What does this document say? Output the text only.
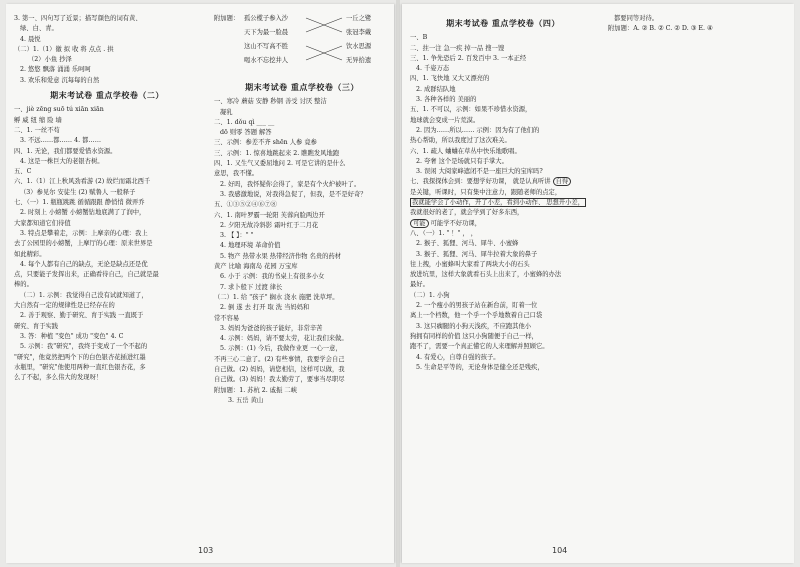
3. 第一、四句写了近景；描写颜色的词有黄、
绿、白、青。
4. 晨悦
（二）1.（1）徽 拟 收 将 点点 . 拱
（2）小鱼 抄泽
2. 悠悠 飘落 涌涌 乐呵呵
3. 欢乐和爱意 沉每每的自然
期末考试卷 重点学校卷（二）
一、jiè zēng suō tú xiān xiān
孵 威 纽 缩 险 墙
二、1. 一丝不苟
3. 不远……都…… 4. 都……
四、1. 无论，我们都要爱惜水资源。
4. 这是一株巨大的老银杏树。
五、C
六、1.（1）江上秋风劲看游 (2) 故烂而霜北西千
（3）参见尔 安徒生 (2) 赋鲁人 一般释子
七、（一）1. 瓶瓶跳跳 循循跟跟 静悄悄 微弄乔
2. 时刻上 小螃蟹 小螃蟹钻地底满了了润中，
大家都知道它们待值
3. 特点是攀着走，示例：上摩亲的心理：我上
去了公园里的小螃蟹，上摩厅的心理：原来世界是
如此精彩。
4. 每个人都有自己的缺点，无论是缺点还是优
点，只要能子发挥出来，正确看待自己，自己就是最
棒的。
（二）1. 示例：我觉得自己没有试就知道了，
大自然有一定的规律性是已经存在的
2. 善于观察、勤于研究、育于实践 一直既于
研究、育于实践
3. 答：种植 "变色" 成功 "变色" 4. C
5. 示例：我"研究"，我终于变成了一个不起的
"研究"，他竟然把两个下的白色银杏花插进红墨
水瓶里，"研究"他使用两种一直红色银杏花，多
么了不起，多么伟大的发现呀！
附加题： 孤公榄子参入沙
天下为最一脸晨
这山不写高不胜
喝水不忘挖井人
一丘之鹭
张冠李戴
饮水思源
无异拾遗
期末考试卷 重点学校卷（三）
一、寒冷 蘑菇 安静 秒钢 善受 讨厌 整洁
凝乳
二、1. dǒu qì ___ __
dō 则零 答题 解答
三、示例：参差不齐 shēn 人参 竟参
三、示例：1. 惊喜地跳起来 2. 瞧瞧发风地跑
四、1. 又生气又委屈地问 2. 可是它讲的是什么
意思，我不懂。
2. 好吗，我怀疑你会得了，家是有个火炉被叶了。
3. 我感激地说，对我得急促了，但我，是不是好奇？
五、①③⑤②④⑥⑦⑧
六、1. 南叶罗霸一轮阳 芙蓉向脸两边开
2. 夕阳无故冷斜影 霜叶红于二月花
3. 【 】：" "
4. 地理环境 革命价值
5. 物产 热带水果 热带经济作物 名贵的药材
黄产 比喻 海南岛 花园 万宝库
6. 小于 示例：我的书桌上有很多小女
7. 求卜般下 过渡 律长
（二）1. 给 "孩子" 搁水 浇水 施肥 洗草坪。
2. 倒 遂 去 打开 取 洗 当妈妈和
常不容易
3. 妈妈为爸爸的孩子能好，非常辛苦
4. 示例：妈妈，请不要太劳，花让我们来做。
5. 示例：(1) 今后，我做作业更 一心一意，
不再三心二意了。(2) 有些事情，我要学会自己
自己做。(2) 妈妈，请您相信，这样可以做，我
自己做。(3) 妈妈！我太勤劳了，要事当尽职尽
附加题：1. 苏杭 2. 戚振 二峡
3. 五岳 黄山
103
期末考试卷 重点学校卷（四）
一、B
二、拄一注 急一疾 掉一品 搜一馊
三、1. 争先恐后 2. 百发百中 3. 一本正经
4. 千姿万态
四、1. 飞快地 又大又漂亮的
2. 成群结队地
3. 各种各样的 美丽的
五、1. 不可以，示例：如果不珍惜水资源，
地球就会变成一片荒漠。
2. 因为……所以…… 示例：因为有了他们的
热心帮助，所以我度过了这次难关。
六、1. 疏人 蛐蛐在草丛中快乐地歌唱。
2. 夸奢 这个是场就只有手掌大。
3. 误闲 大阅家峰遮闭不是一座巨大的宝库吗?
七、我探探体会到：要想学好功课， 就是认真听讲 自得
是关键，听课时，只有集中注意力，跟随老师的点定，
我就能学会了小动作，开了小差，看到小动作、 思想开小差，
我就很好的老了，就会学到了好多东西，
可能 可能学不好功课，
八、（一）1. " ！" ， ，
2. 猴子、狐狸、河马、犀牛、小蜜蜂
3. 猴子、狐狸、河马、犀牛拉着大象的鼻子
往上拽，小蜜蜂叫大家看了两块大小的石头
放进坑里，这样大象就看石头上出来了，小蜜蜂的办法
最好。
（二）1. 小狗
2. 一个瘦小的男孩子站在新台前，盯着一位
离上一个档数，他一个乎一个乎地数着自己口袋
3. 这只瘸腿的小狗天浅疾，不应跑其他小
狗拥有同样的价值 这只小狗随便于自己一样，
跑不了，需要一个真正懂它的人来理解并照顾它。
4. 有爱心，自尊自强的孩子。
5. 生命是平等的，无论身体是健全还是残疾，
都要同等对待。
附加题：A. ② B. ② C. ② D. ③ E. ④
104
